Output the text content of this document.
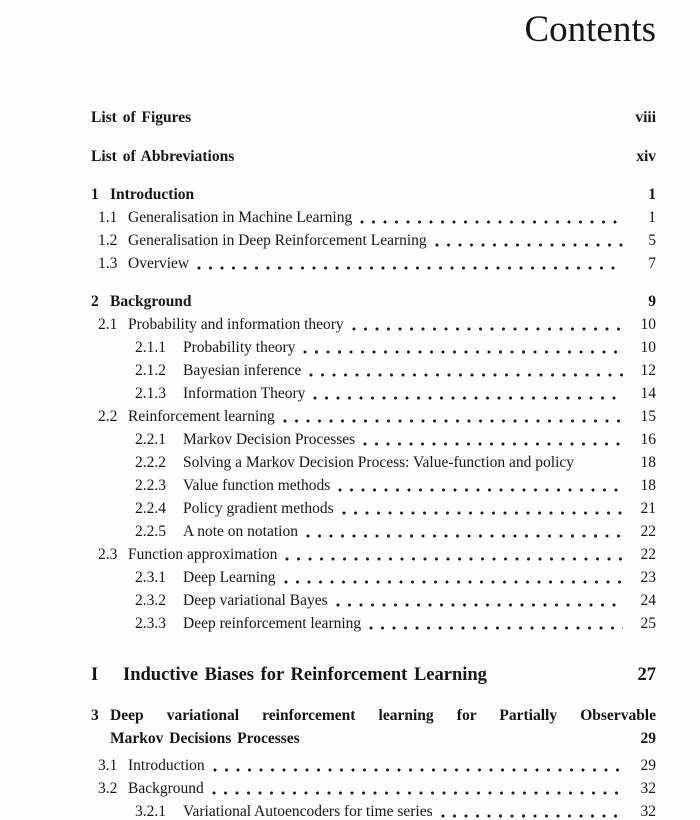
Contents
List of Figures	viii
List of Abbreviations	xiv
1 Introduction	1
1.1 Generalisation in Machine Learning	1
1.2 Generalisation in Deep Reinforcement Learning	5
1.3 Overview	7
2 Background	9
2.1 Probability and information theory	10
2.1.1	Probability theory	10
2.1.2	Bayesian inference	12
2.1.3	Information Theory	14
2.2 Reinforcement learning	15
2.2.1	Markov Decision Processes	16
2.2.2	Solving a Markov Decision Process: Value-function and policy	18
2.2.3	Value function methods	18
2.2.4	Policy gradient methods	21
2.2.5	A note on notation	22
2.3 Function approximation	22
2.3.1	Deep Learning	23
2.3.2	Deep variational Bayes	24
2.3.3	Deep reinforcement learning	25
I	Inductive Biases for Reinforcement Learning	27
3 Deep variational reinforcement learning for Partially Observable
Markov Decisions Processes	29
3.1 Introduction	29
3.2 Background	32
3.2.1	Variational Autoencoders for time series	32
